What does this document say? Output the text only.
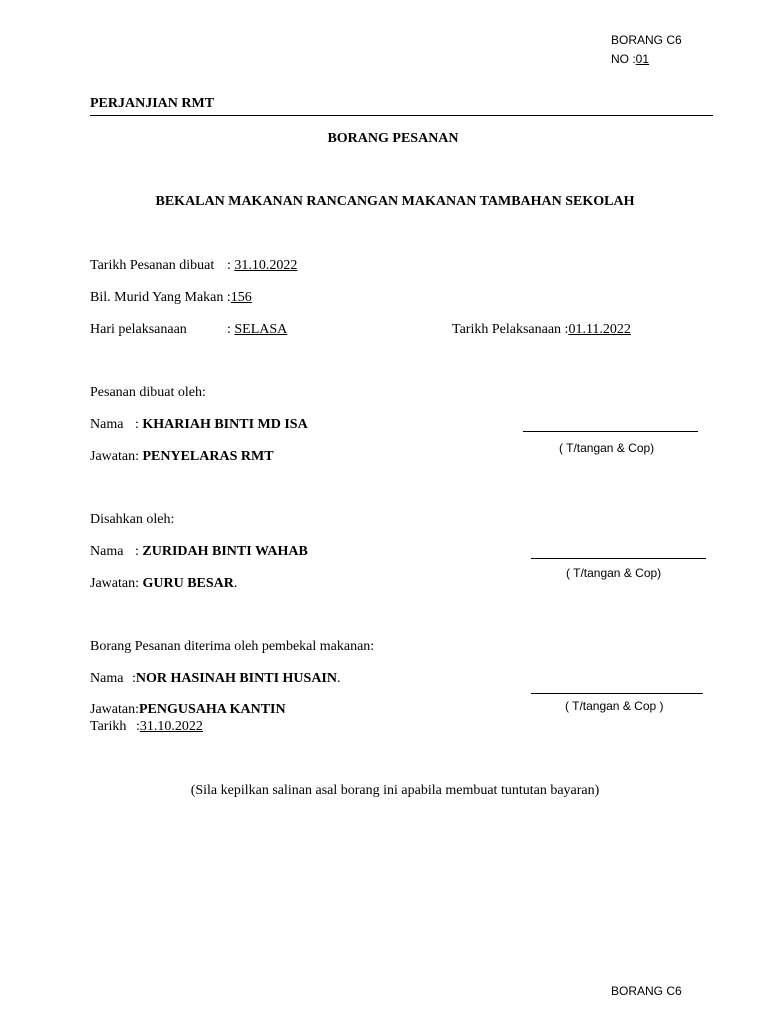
BORANG C6
NO :01
PERJANJIAN RMT
BORANG PESANAN
BEKALAN MAKANAN RANCANGAN MAKANAN TAMBAHAN SEKOLAH
Tarikh Pesanan dibuat : 31.10.2022
Bil. Murid Yang Makan :156
Hari pelaksanaan	: SELASA	Tarikh Pelaksanaan :01.11.2022
Pesanan dibuat oleh:
Nama : KHARIAH BINTI MD ISA
Jawatan: PENYELARAS RMT
( T/tangan & Cop)
Disahkan oleh:
Nama : ZURIDAH BINTI WAHAB
Jawatan: GURU BESAR.
( T/tangan & Cop)
Borang Pesanan diterima oleh pembekal makanan:
Nama :NOR HASINAH BINTI HUSAIN.
( T/tangan & Cop )
Jawatan:PENGUSAHA KANTIN
Tarikh :31.10.2022
(Sila kepilkan salinan asal borang ini apabila membuat tuntutan bayaran)
BORANG C6
